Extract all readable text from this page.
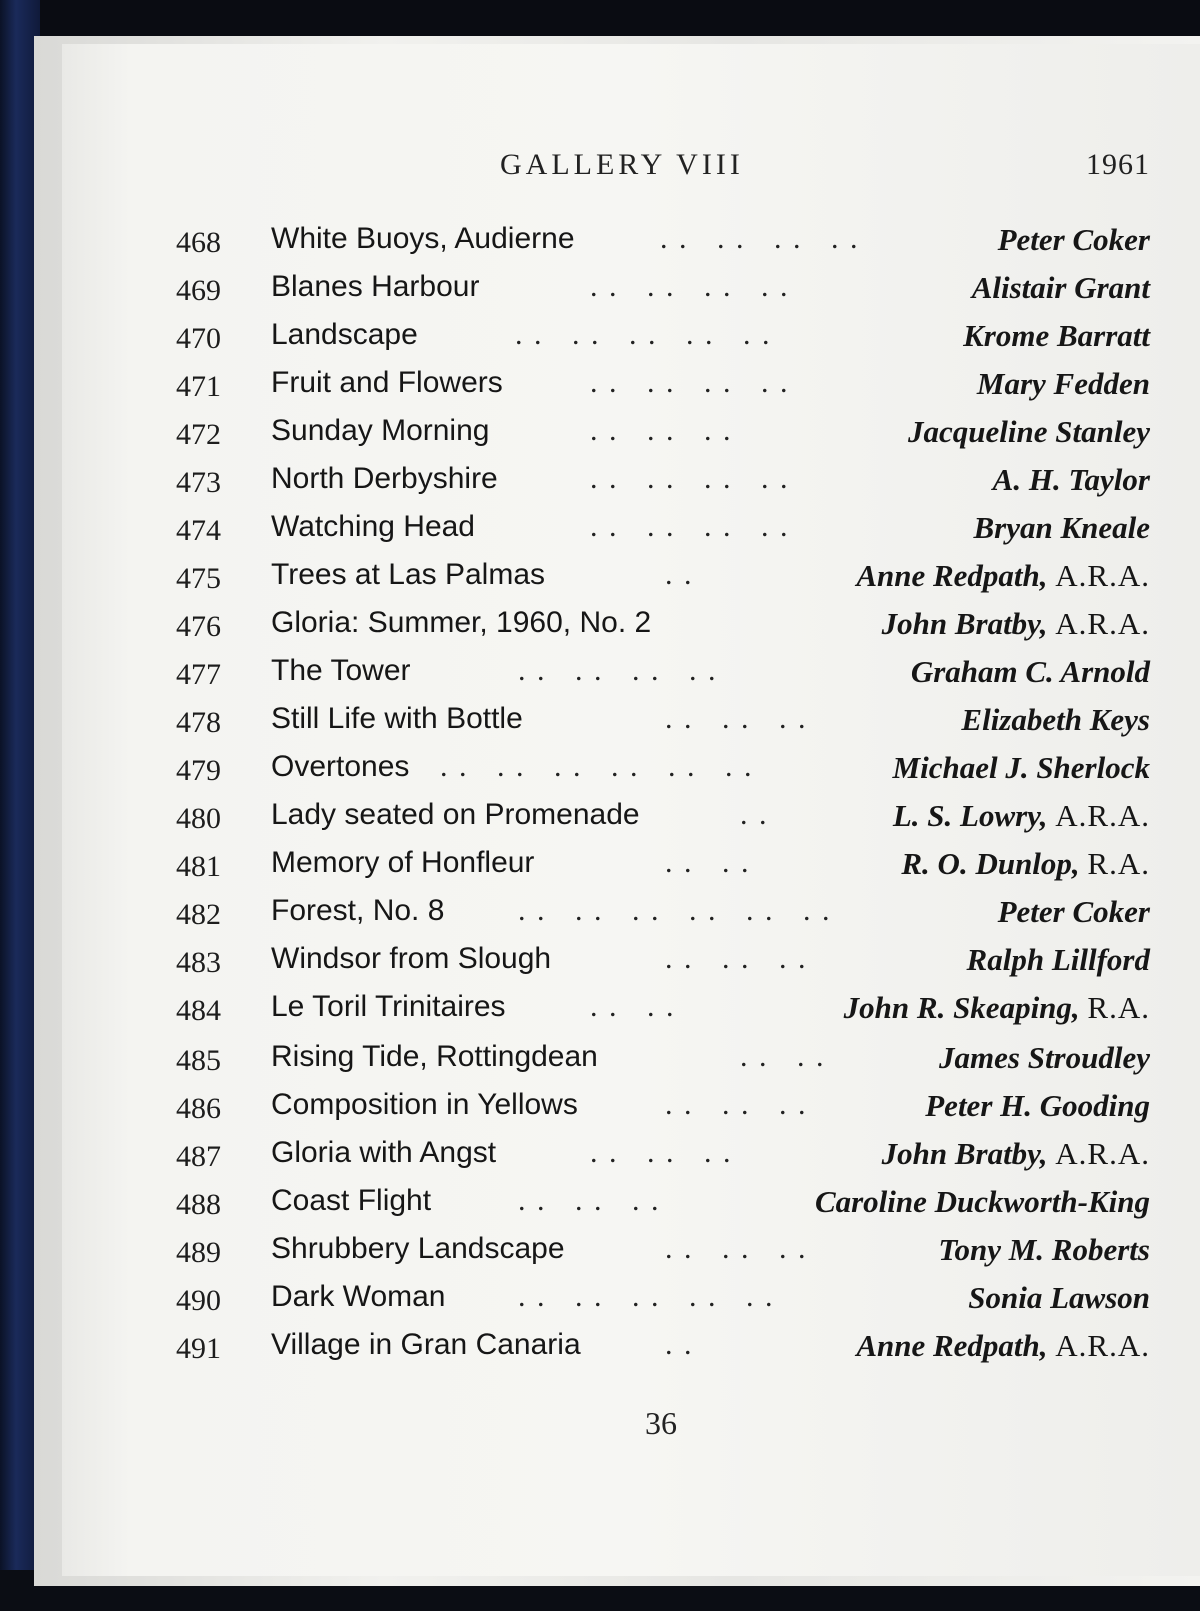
GALLERY VIII	1961
468 White Buoys, Audierne	. .   . .   . .   . .	Peter Coker
469 Blanes Harbour	. .   . .   . .   . .	Alistair Grant
470 Landscape	. .   . .   . .   . .   . .	Krome Barratt
471 Fruit and Flowers	. .   . .   . .   . .	Mary Fedden
472 Sunday Morning	. .   . .   . .	Jacqueline Stanley
473 North Derbyshire	. .   . .   . .   . .	A. H. Taylor
474 Watching Head	. .   . .   . .   . .	Bryan Kneale
475 Trees at Las Palmas	. .	Anne Redpath, A.R.A.
476 Gloria: Summer, 1960, No. 2	John Bratby, A.R.A.
477 The Tower	. .   . .   . .   . .	Graham C. Arnold
478 Still Life with Bottle	. .   . .   . .	Elizabeth Keys
479 Overtones . .   . .   . .   . .   . .   . .	Michael J. Sherlock
480 Lady seated on Promenade	. .	L. S. Lowry, A.R.A.
481 Memory of Honfleur	. .   . .	R. O. Dunlop, R.A.
482 Forest, No. 8 . .   . .   . .   . .   . .   . .	Peter Coker
483 Windsor from Slough	. .   . .   . .	Ralph Lillford
484 Le Toril Trinitaires	. .   . .	John R. Skeaping, R.A.
485 Rising Tide, Rottingdean	. .   . .	James Stroudley
486 Composition in Yellows	. .   . .   . .	Peter H. Gooding
487 Gloria with Angst	. .   . .   . .	John Bratby, A.R.A.
488 Coast Flight	. .   . .   . .	Caroline Duckworth-King
489 Shrubbery Landscape	. .   . .   . .	Tony M. Roberts
490 Dark Woman . .   . .   . .   . .   . .	Sonia Lawson
491 Village in Gran Canaria	. .	Anne Redpath, A.R.A.
36
